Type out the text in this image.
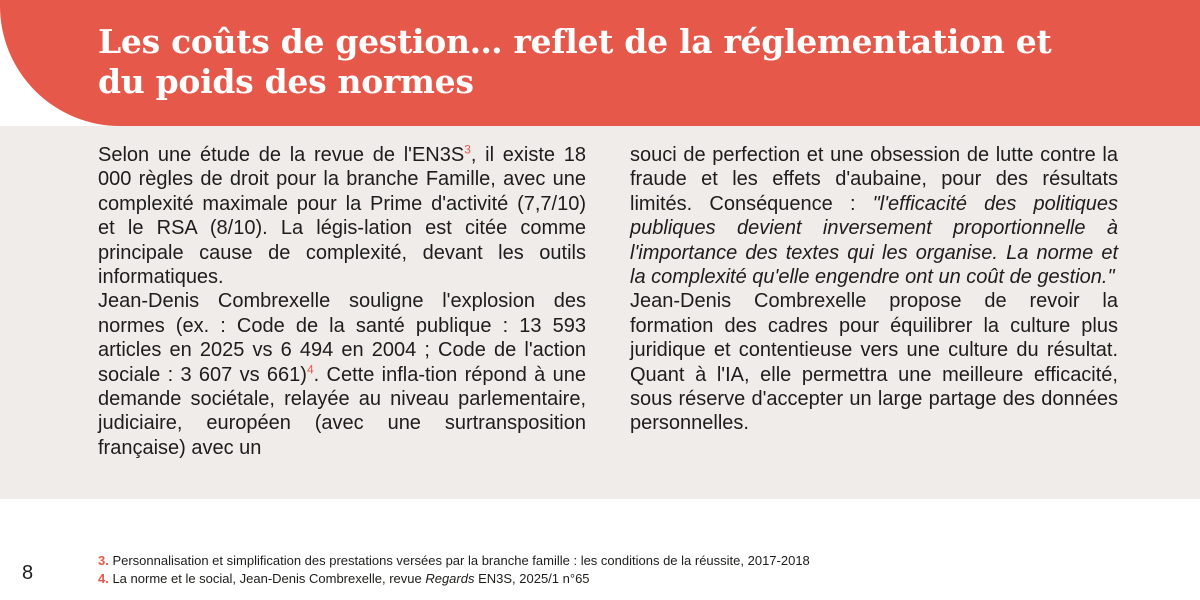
Les coûts de gestion… reflet de la réglementation et du poids des normes

Selon une étude de la revue de l'EN3S$^3$, il existe 18 000 règles de droit pour la branche Famille, avec une complexité maximale pour la Prime d'activité (7,7/10) et le RSA (8/10). La légis-lation est citée comme principale cause de complexité, devant les outils informatiques.

Jean-Denis Combrexelle souligne l'explosion des normes (ex. : Code de la santé publique : 13 593 articles en 2025 vs 6 494 en 2004 ; Code de l'action sociale : 3 607 vs 661)$^4$. Cette infla-tion répond à une demande sociétale, relayée au niveau parlementaire, judiciaire, européen (avec une surtransposition française) avec un

souci de perfection et une obsession de lutte contre la fraude et les effets d'aubaine, pour des résultats limités. Conséquence : "l'efficacité des politiques publiques devient inversement proportionnelle à l'importance des textes qui les organise. La norme et la complexité qu'elle engendre ont un coût de gestion."

Jean-Denis Combrexelle propose de revoir la formation des cadres pour équilibrer la culture plus juridique et contentieuse vers une culture du résultat. Quant à l'IA, elle permettra une meilleure efficacité, sous réserve d'accepter un large partage des données personnelles.

8
3. Personnalisation et simplification des prestations versées par la branche famille : les conditions de la réussite, 2017-2018
4. La norme et le social, Jean-Denis Combrexelle, revue Regards EN3S, 2025/1 n°65
